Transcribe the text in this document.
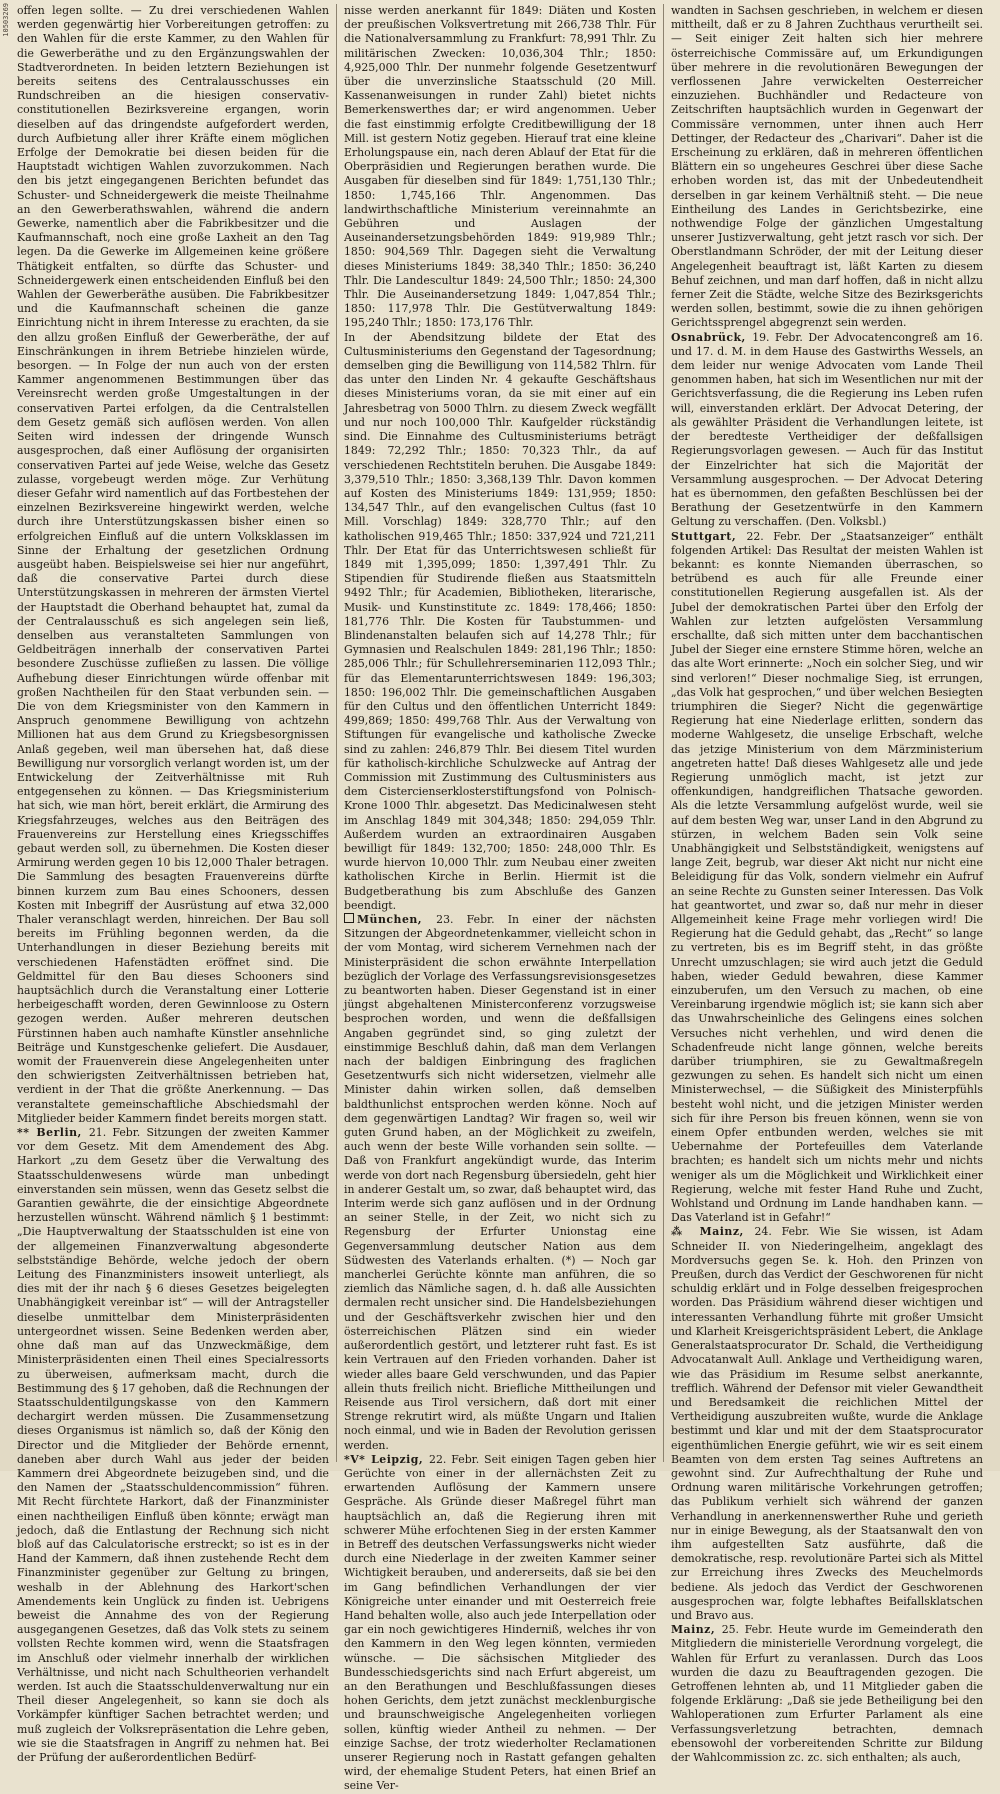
10503269 offen legen sollte. — Zu drei verschiedenen Wahlen werden gegenwärtig hier Vorbereitungen getroffen: zu den Wahlen für die erste Kammer, zu den Wahlen für die Gewerberäthe und zu den Ergänzungswahlen der Stadtverordneten. In beiden letztern Beziehungen ist bereits seitens des Centralausschusses ein Rundschreiben an die hiesigen conservativ-constitutionellen Bezirksvereine ergangen, worin dieselben auf das dringendste aufgefordert werden, durch Aufbietung aller ihrer Kräfte einem möglichen Erfolge der Demokratie bei diesen beiden für die Hauptstadt wichtigen Wahlen zuvorzukommen. Nach den bis jetzt eingegangenen Berichten befundet das Schuster- und Schneidergewerk die meiste Theilnahme an den Gewerberathswahlen, während die andern Gewerke, namentlich aber die Fabrikbesitzer und die Kaufmannschaft, noch eine große Laxheit an den Tag legen. Da die Gewerke im Allgemeinen keine größere Thätigkeit entfalten, so dürfte das Schuster- und Schneidergewerk einen entscheidenden Einfluß bei den Wahlen der Gewerberäthe ausüben. Die Fabrikbesitzer und die Kaufmannschaft scheinen die ganze Einrichtung nicht in ihrem Interesse zu erachten, da sie den allzu großen Einfluß der Gewerberäthe, der auf Einschränkungen in ihrem Betriebe hinzielen würde, besorgen. — In Folge der nun auch von der ersten Kammer angenommenen Bestimmungen über das Vereinsrecht werden große Umgestaltungen in der conservativen Partei erfolgen, da die Centralstellen dem Gesetz gemäß sich auflösen werden. Von allen Seiten wird indessen der dringende Wunsch ausgesprochen, daß einer Auflösung der organisirten conservativen Partei auf jede Weise, welche das Gesetz zulasse, vorgebeugt werden möge. Zur Verhütung dieser Gefahr wird namentlich auf das Fortbestehen der einzelnen Bezirksvereine hingewirkt werden, welche durch ihre Unterstützungskassen bisher einen so erfolgreichen Einfluß auf die untern Volksklassen im Sinne der Erhaltung der gesetzlichen Ordnung ausgeübt haben. Beispielsweise sei hier nur angeführt, daß die conservative Partei durch diese Unterstützungskassen in mehreren der ärmsten Viertel der Hauptstadt die Oberhand behauptet hat, zumal da der Centralausschuß es sich angelegen sein ließ, denselben aus veranstalteten Sammlungen von Geldbeiträgen innerhalb der conservativen Partei besondere Zuschüsse zufließen zu lassen. Die völlige Aufhebung dieser Einrichtungen würde offenbar mit großen Nachtheilen für den Staat verbunden sein. — Die von dem Kriegsminister von den Kammern in Anspruch genommene Bewilligung von achtzehn Millionen hat aus dem Grund zu Kriegsbesorgnissen Anlaß gegeben, weil man übersehen hat, daß diese Bewilligung nur vorsorglich verlangt worden ist, um der Entwickelung der Zeitverhältnisse mit Ruh entgegensehen zu können. — Das Kriegsministerium hat sich, wie man hört, bereit erklärt, die Armirung des Kriegsfahrzeuges, welches aus den Beiträgen des Frauenvereins zur Herstellung eines Kriegsschiffes gebaut werden soll, zu übernehmen. Die Kosten dieser Armirung werden gegen 10 bis 12,000 Thaler betragen. Die Sammlung des besagten Frauenvereins dürfte binnen kurzem zum Bau eines Schooners, dessen Kosten mit Inbegriff der Ausrüstung auf etwa 32,000 Thaler veranschlagt werden, hinreichen. Der Bau soll bereits im Frühling begonnen werden, da die Unterhandlungen in dieser Beziehung bereits mit verschiedenen Hafenstädten eröffnet sind. Die Geldmittel für den Bau dieses Schooners sind hauptsächlich durch die Veranstaltung einer Lotterie herbeigeschafft worden, deren Gewinnloose zu Ostern gezogen werden. Außer mehreren deutschen Fürstinnen haben auch namhafte Künstler ansehnliche Beiträge und Kunstgeschenke geliefert. Die Ausdauer, womit der Frauenverein diese Angelegenheiten unter den schwierigsten Zeitverhältnissen betrieben hat, verdient in der That die größte Anerkennung. — Das veranstaltete gemeinschaftliche Abschiedsmahl der Mitglieder beider Kammern findet bereits morgen statt.

** Berlin, 21. Febr. Sitzungen der zweiten Kammer vor dem Gesetz. Mit dem Amendement des Abg. Harkort „zu dem Gesetz über die Verwaltung des Staatsschuldenwesens würde man unbedingt einverstanden sein müssen, wenn das Gesetz selbst die Garantien gewährte, die der einsichtige Abgeordnete herzustellen wünscht. Während nämlich § 1 bestimmt: „Die Hauptverwaltung der Staatsschulden ist eine von der allgemeinen Finanzverwaltung abgesonderte selbstständige Behörde, welche jedoch der obern Leitung des Finanzministers insoweit unterliegt, als dies mit der ihr nach § 6 dieses Gesetzes beigelegten Unabhängigkeit vereinbar ist“ — will der Antragsteller dieselbe unmittelbar dem Ministerpräsidenten untergeordnet wissen. Seine Bedenken werden aber, ohne daß man auf das Unzweckmäßige, dem Ministerpräsidenten einen Theil eines Specialressorts zu überweisen, aufmerksam macht, durch die Bestimmung des § 17 gehoben, daß die Rechnungen der Staatsschuldentilgungskasse von den Kammern dechargirt werden müssen. Die Zusammensetzung dieses Organismus ist nämlich so, daß der König den Director und die Mitglieder der Behörde ernennt, daneben aber durch Wahl aus jeder der beiden Kammern drei Abgeordnete beizugeben sind, und die den Namen der „Staatsschuldencommission“ führen. Mit Recht fürchtete Harkort, daß der Finanzminister einen nachtheiligen Einfluß üben könnte; erwägt man jedoch, daß die Entlastung der Rechnung sich nicht bloß auf das Calculatorische erstreckt; so ist es in der Hand der Kammern, daß ihnen zustehende Recht dem Finanzminister gegenüber zur Geltung zu bringen, weshalb in der Ablehnung des Harkort'schen Amendements kein Unglück zu finden ist. Uebrigens beweist die Annahme des von der Regierung ausgegangenen Gesetzes, daß das Volk stets zu seinem vollsten Rechte kommen wird, wenn die Staatsfragen im Anschluß oder vielmehr innerhalb der wirklichen Verhältnisse, und nicht nach Schultheorien verhandelt werden. Ist auch die Staatsschuldenverwaltung nur ein Theil dieser Angelegenheit, so kann sie doch als Vorkämpfer künftiger Sachen betrachtet werden; und muß zugleich der Volksrepräsentation die Lehre geben, wie sie die Staatsfragen in Angriff zu nehmen hat. Bei der Prüfung der außerordentlichen Bedürf-

nisse werden anerkannt für 1849: Diäten und Kosten der preußischen Volksvertretung mit 266,738 Thlr. Für die Nationalversammlung zu Frankfurt: 78,991 Thlr. Zu militärischen Zwecken: 10,036,304 Thlr.; 1850: 4,925,000 Thlr. Der nunmehr folgende Gesetzentwurf über die unverzinsliche Staatsschuld (20 Mill. Kassenanweisungen in runder Zahl) bietet nichts Bemerkenswerthes dar; er wird angenommen. Ueber die fast einstimmig erfolgte Creditbewilligung der 18 Mill. ist gestern Notiz gegeben. Hierauf trat eine kleine Erholungspause ein, nach deren Ablauf der Etat für die Oberpräsidien und Regierungen berathen wurde. Die Ausgaben für dieselben sind für 1849: 1,751,130 Thlr.; 1850: 1,745,166 Thlr. Angenommen. Das landwirthschaftliche Ministerium vereinnahmte an Gebühren und Auslagen der Auseinandersetzungsbehörden 1849: 919,989 Thlr.; 1850: 904,569 Thlr. Dagegen sieht die Verwaltung dieses Ministeriums 1849: 38,340 Thlr.; 1850: 36,240 Thlr. Die Landescultur 1849: 24,500 Thlr.; 1850: 24,300 Thlr. Die Auseinandersetzung 1849: 1,047,854 Thlr.; 1850: 117,978 Thlr. Die Gestütverwaltung 1849: 195,240 Thlr.; 1850: 173,176 Thlr.

In der Abendsitzung bildete der Etat des Cultusministeriums den Gegenstand der Tagesordnung; demselben ging die Bewilligung von 114,582 Thlrn. für das unter den Linden Nr. 4 gekaufte Geschäftshaus dieses Ministeriums voran, da sie mit einer auf ein Jahresbetrag von 5000 Thlrn. zu diesem Zweck wegfällt und nur noch 100,000 Thlr. Kaufgelder rückständig sind. Die Einnahme des Cultusministeriums beträgt 1849: 72,292 Thlr.; 1850: 70,323 Thlr., da auf verschiedenen Rechtstiteln beruhen. Die Ausgabe 1849: 3,379,510 Thlr.; 1850: 3,368,139 Thlr. Davon kommen auf Kosten des Ministeriums 1849: 131,959; 1850: 134,547 Thlr., auf den evangelischen Cultus (fast 10 Mill. Vorschlag) 1849: 328,770 Thlr.; auf den katholischen 919,465 Thlr.; 1850: 337,924 und 721,211 Thlr. Der Etat für das Unterrichtswesen schließt für 1849 mit 1,395,099; 1850: 1,397,491 Thlr. Zu Stipendien für Studirende fließen aus Staatsmitteln 9492 Thlr.; für Academien, Bibliotheken, literarische, Musik- und Kunstinstitute zc. 1849: 178,466; 1850: 181,776 Thlr. Die Kosten für Taubstummen- und Blindenanstalten belaufen sich auf 14,278 Thlr.; für Gymnasien und Realschulen 1849: 281,196 Thlr.; 1850: 285,006 Thlr.; für Schullehrerseminarien 112,093 Thlr.; für das Elementarunterrichtswesen 1849: 196,303; 1850: 196,002 Thlr. Die gemeinschaftlichen Ausgaben für den Cultus und den öffentlichen Unterricht 1849: 499,869; 1850: 499,768 Thlr. Aus der Verwaltung von Stiftungen für evangelische und katholische Zwecke sind zu zahlen: 246,879 Thlr. Bei diesem Titel wurden für katholisch-kirchliche Schulzwecke auf Antrag der Commission mit Zustimmung des Cultusministers aus dem Cistercienserklosterstiftungsfond von Polnisch-Krone 1000 Thlr. abgesetzt. Das Medicinalwesen steht im Anschlag 1849 mit 304,348; 1850: 294,059 Thlr. Außerdem wurden an extraordinairen Ausgaben bewilligt für 1849: 132,700; 1850: 248,000 Thlr. Es wurde hiervon 10,000 Thlr. zum Neubau einer zweiten katholischen Kirche in Berlin. Hiermit ist die Budgetberathung bis zum Abschluße des Ganzen beendigt.

München, 23. Febr. In einer der nächsten Sitzungen der Abgeordnetenkammer, vielleicht schon in der vom Montag, wird sicherem Vernehmen nach der Ministerpräsident die schon erwähnte Interpellation bezüglich der Vorlage des Verfassungsrevisionsgesetzes zu beantworten haben. Dieser Gegenstand ist in einer jüngst abgehaltenen Ministerconferenz vorzugsweise besprochen worden, und wenn die deßfallsigen Angaben gegründet sind, so ging zuletzt der einstimmige Beschluß dahin, daß man dem Verlangen nach der baldigen Einbringung des fraglichen Gesetzentwurfs sich nicht widersetzen, vielmehr alle Minister dahin wirken sollen, daß demselben baldthunlichst entsprochen werden könne. Noch auf dem gegenwärtigen Landtag? Wir fragen so, weil wir guten Grund haben, an der Möglichkeit zu zweifeln, auch wenn der beste Wille vorhanden sein sollte. — Daß von Frankfurt angekündigt wurde, das Interim werde von dort nach Regensburg übersiedeln, geht hier in anderer Gestalt um, so zwar, daß behauptet wird, das Interim werde sich ganz auflösen und in der Ordnung an seiner Stelle, in der Zeit, wo nicht sich zu Regensburg der Erfurter Unionstag eine Gegenversammlung deutscher Nation aus dem Südwesten des Vaterlands erhalten. (*) — Noch gar mancherlei Gerüchte könnte man anführen, die so ziemlich das Nämliche sagen, d. h. daß alle Aussichten dermalen recht unsicher sind. Die Handelsbeziehungen und der Geschäftsverkehr zwischen hier und den österreichischen Plätzen sind ein wieder außerordentlich gestört, und letzterer ruht fast. Es ist kein Vertrauen auf den Frieden vorhanden. Daher ist wieder alles baare Geld verschwunden, und das Papier allein thuts freilich nicht. Briefliche Mittheilungen und Reisende aus Tirol versichern, daß dort mit einer Strenge rekrutirt wird, als müßte Ungarn und Italien noch einmal, und wie in Baden der Revolution gerissen werden.

*V* Leipzig, 22. Febr. Seit einigen Tagen geben hier Gerüchte von einer in der allernächsten Zeit zu erwartenden Auflösung der Kammern unsere Gespräche. Als Gründe dieser Maßregel führt man hauptsächlich an, daß die Regierung ihren mit schwerer Mühe erfochtenen Sieg in der ersten Kammer in Betreff des deutschen Verfassungswerks nicht wieder durch eine Niederlage in der zweiten Kammer seiner Wichtigkeit berauben, und andererseits, daß sie bei den im Gang befindlichen Verhandlungen der vier Königreiche unter einander und mit Oesterreich freie Hand behalten wolle, also auch jede Interpellation oder gar ein noch gewichtigeres Hinderniß, welches ihr von den Kammern in den Weg legen könnten, vermieden wünsche. — Die sächsischen Mitglieder des Bundesschiedsgerichts sind nach Erfurt abgereist, um an den Berathungen und Beschlußfassungen dieses hohen Gerichts, dem jetzt zunächst mecklenburgische und braunschweigische Angelegenheiten vorliegen sollen, künftig wieder Antheil zu nehmen. — Der einzige Sachse, der trotz wiederholter Reclamationen unserer Regierung noch in Rastatt gefangen gehalten wird, der ehemalige Student Peters, hat einen Brief an seine Ver-

wandten in Sachsen geschrieben, in welchem er diesen mittheilt, daß er zu 8 Jahren Zuchthaus verurtheilt sei. — Seit einiger Zeit halten sich hier mehrere österreichische Commissäre auf, um Erkundigungen über mehrere in die revolutionären Bewegungen der verflossenen Jahre verwickelten Oesterreicher einzuziehen. Buchhändler und Redacteure von Zeitschriften hauptsächlich wurden in Gegenwart der Commissäre vernommen, unter ihnen auch Herr Dettinger, der Redacteur des „Charivari“. Daher ist die Erscheinung zu erklären, daß in mehreren öffentlichen Blättern ein so ungeheures Geschrei über diese Sache erhoben worden ist, das mit der Unbedeutendheit derselben in gar keinem Verhältniß steht. — Die neue Eintheilung des Landes in Gerichtsbezirke, eine nothwendige Folge der gänzlichen Umgestaltung unserer Justizverwaltung, geht jetzt rasch vor sich. Der Oberstlandmann Schröder, der mit der Leitung dieser Angelegenheit beauftragt ist, läßt Karten zu diesem Behuf zeichnen, und man darf hoffen, daß in nicht allzu ferner Zeit die Städte, welche Sitze des Bezirksgerichts werden sollen, bestimmt, sowie die zu ihnen gehörigen Gerichtssprengel abgegrenzt sein werden.

Osnabrück, 19. Febr. Der Advocatencongreß am 16. und 17. d. M. in dem Hause des Gastwirths Wessels, an dem leider nur wenige Advocaten vom Lande Theil genommen haben, hat sich im Wesentlichen nur mit der Gerichtsverfassung, die die Regierung ins Leben rufen will, einverstanden erklärt. Der Advocat Detering, der als gewählter Präsident die Verhandlungen leitete, ist der beredteste Vertheidiger der deßfallsigen Regierungsvorlagen gewesen. — Auch für das Institut der Einzelrichter hat sich die Majorität der Versammlung ausgesprochen. — Der Advocat Detering hat es übernommen, den gefaßten Beschlüssen bei der Berathung der Gesetzentwürfe in den Kammern Geltung zu verschaffen. (Den. Volksbl.)

Stuttgart, 22. Febr. Der „Staatsanzeiger“ enthält folgenden Artikel: Das Resultat der meisten Wahlen ist bekannt: es konnte Niemanden überraschen, so betrübend es auch für alle Freunde einer constitutionellen Regierung ausgefallen ist. Als der Jubel der demokratischen Partei über den Erfolg der Wahlen zur letzten aufgelösten Versammlung erschallte, daß sich mitten unter dem bacchantischen Jubel der Sieger eine ernstere Stimme hören, welche an das alte Wort erinnerte: „Noch ein solcher Sieg, und wir sind verloren!“ Dieser nochmalige Sieg, ist errungen, „das Volk hat gesprochen,“ und über welchen Besiegten triumphiren die Sieger? Nicht die gegenwärtige Regierung hat eine Niederlage erlitten, sondern das moderne Wahlgesetz, die unselige Erbschaft, welche das jetzige Ministerium von dem Märzministerium angetreten hatte! Daß dieses Wahlgesetz alle und jede Regierung unmöglich macht, ist jetzt zur offenkundigen, handgreiflichen Thatsache geworden. Als die letzte Versammlung aufgelöst wurde, weil sie auf dem besten Weg war, unser Land in den Abgrund zu stürzen, in welchem Baden sein Volk seine Unabhängigkeit und Selbstständigkeit, wenigstens auf lange Zeit, begrub, war dieser Akt nicht nur nicht eine Beleidigung für das Volk, sondern vielmehr ein Aufruf an seine Rechte zu Gunsten seiner Interessen. Das Volk hat geantwortet, und zwar so, daß nur mehr in dieser Allgemeinheit keine Frage mehr vorliegen wird! Die Regierung hat die Geduld gehabt, das „Recht“ so lange zu vertreten, bis es im Begriff steht, in das größte Unrecht umzuschlagen; sie wird auch jetzt die Geduld haben, wieder Geduld bewahren, diese Kammer einzuberufen, um den Versuch zu machen, ob eine Vereinbarung irgendwie möglich ist; sie kann sich aber das Unwahrscheinliche des Gelingens eines solchen Versuches nicht verhehlen, und wird denen die Schadenfreude nicht lange gönnen, welche bereits darüber triumphiren, sie zu Gewaltmaßregeln gezwungen zu sehen. Es handelt sich nicht um einen Ministerwechsel, — die Süßigkeit des Ministerpfühls besteht wohl nicht, und die jetzigen Minister werden sich für ihre Person bis freuen können, wenn sie von einem Opfer entbunden werden, welches sie mit Uebernahme der Portefeuilles dem Vaterlande brachten; es handelt sich um nichts mehr und nichts weniger als um die Möglichkeit und Wirklichkeit einer Regierung, welche mit fester Hand Ruhe und Zucht, Wohlstand und Ordnung im Lande handhaben kann. — Das Vaterland ist in Gefahr!“

⁂ Mainz, 24. Febr. Wie Sie wissen, ist Adam Schneider II. von Niederingelheim, angeklagt des Mordversuchs gegen Se. k. Hoh. den Prinzen von Preußen, durch das Verdict der Geschworenen für nicht schuldig erklärt und in Folge desselben freigesprochen worden. Das Präsidium während dieser wichtigen und interessanten Verhandlung führte mit großer Umsicht und Klarheit Kreisgerichtspräsident Lebert, die Anklage Generalstaatsprocurator Dr. Schald, die Vertheidigung Advocatanwalt Aull. Anklage und Vertheidigung waren, wie das Präsidium im Resume selbst anerkannte, trefflich. Während der Defensor mit vieler Gewandtheit und Beredsamkeit die reichlichen Mittel der Vertheidigung auszubreiten wußte, wurde die Anklage bestimmt und klar und mit der dem Staatsprocurator eigenthümlichen Energie geführt, wie wir es seit einem Beamten von dem ersten Tag seines Auftretens an gewohnt sind. Zur Aufrechthaltung der Ruhe und Ordnung waren militärische Vorkehrungen getroffen; das Publikum verhielt sich während der ganzen Verhandlung in anerkennenswerther Ruhe und gerieth nur in einige Bewegung, als der Staatsanwalt den von ihm aufgestellten Satz ausführte, daß die demokratische, resp. revolutionäre Partei sich als Mittel zur Erreichung ihres Zwecks des Meuchelmords bediene. Als jedoch das Verdict der Geschworenen ausgesprochen war, folgte lebhaftes Beifallsklatschen und Bravo aus.

Mainz, 25. Febr. Heute wurde im Gemeinderath den Mitgliedern die ministerielle Verordnung vorgelegt, die Wahlen für Erfurt zu veranlassen. Durch das Loos wurden die dazu zu Beauftragenden gezogen. Die Getroffenen lehnten ab, und 11 Mitglieder gaben die folgende Erklärung: „Daß sie jede Betheiligung bei den Wahloperationen zum Erfurter Parlament als eine Verfassungsverletzung betrachten, demnach ebensowohl der vorbereitenden Schritte zur Bildung der Wahlcommission zc. zc. sich enthalten; als auch,
